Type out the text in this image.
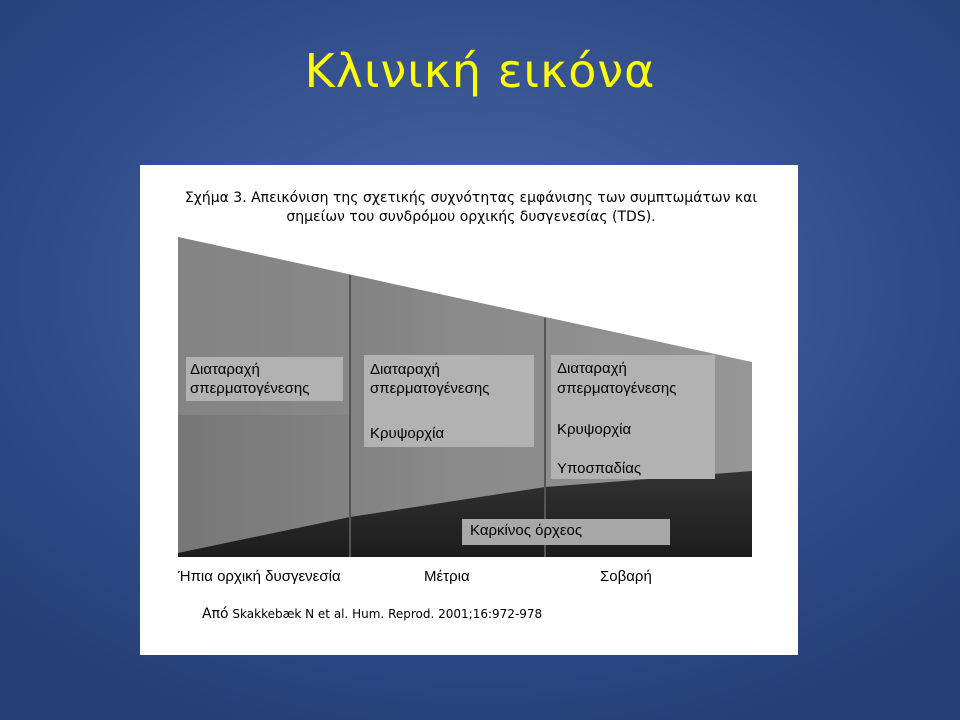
Κλινική εικόνα
Σχήμα 3. Απεικόνιση της σχετικής συχνότητας εμφάνισης των συμπτωμάτων και σημείων του συνδρόμου ορχικής δυσγενεσίας (TDS).
Διαταραχή σπερματογένεσης
Διαταραχή σπερματογένεσης
Κρυψορχία
Διαταραχή σπερματογένεσης
Κρυψορχία
Υποσπαδίας
Καρκίνος όρχεος
Ήπια ορχική δυσγενεσία	Μέτρια	Σοβαρή
Από Skakkebæk N et al. Hum. Reprod. 2001;16:972-978
